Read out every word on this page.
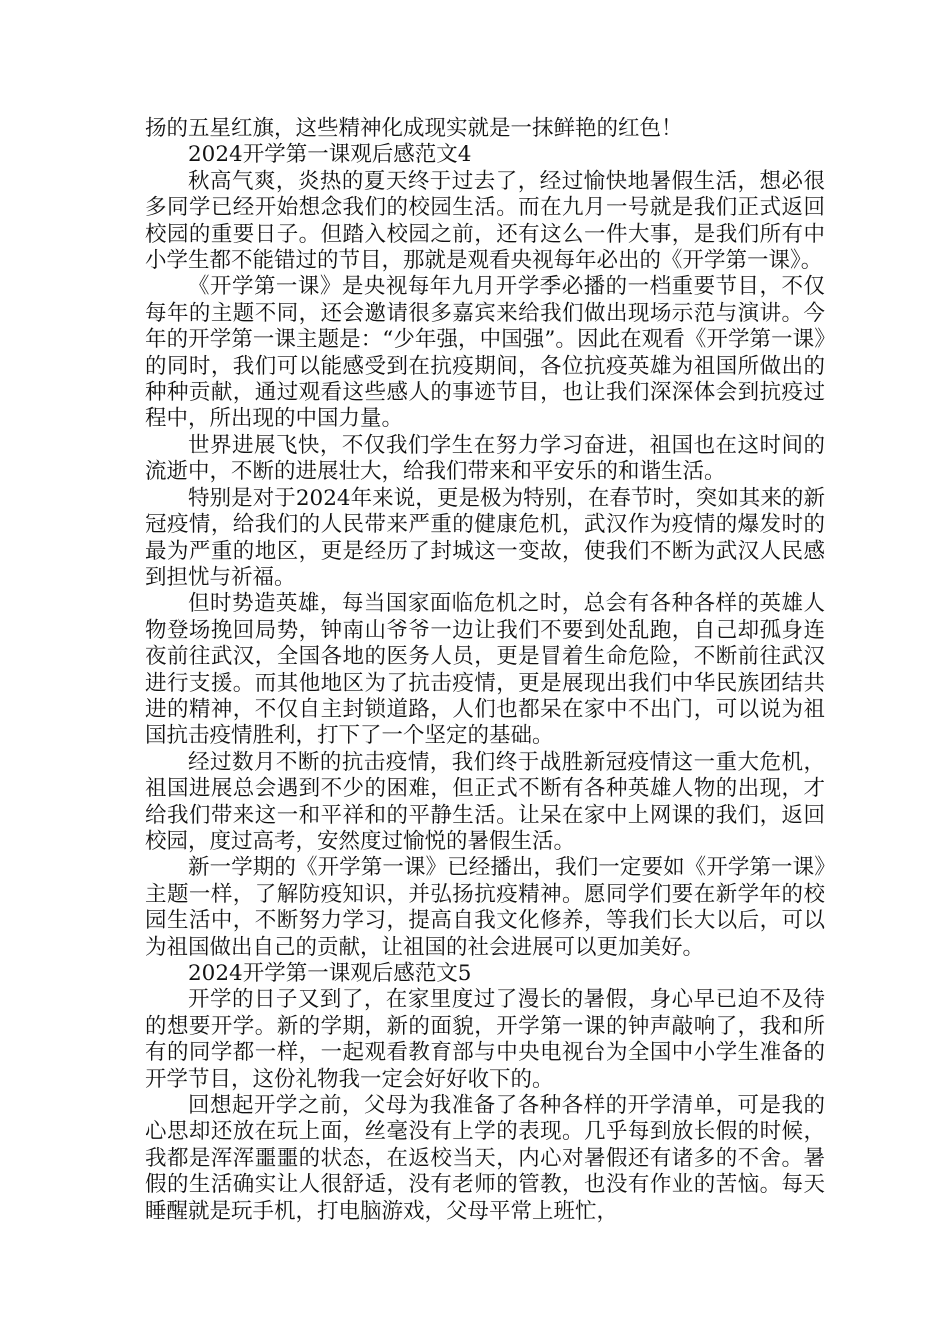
扬的五星红旗，这些精神化成现实就是一抹鲜艳的红色！

2024开学第一课观后感范文4

秋高气爽，炎热的夏天终于过去了，经过愉快地暑假生活，想必很多同学已经开始想念我们的校园生活。而在九月一号就是我们正式返回校园的重要日子。但踏入校园之前，还有这么一件大事，是我们所有中小学生都不能错过的节目，那就是观看央视每年必出的《开学第一课》。

《开学第一课》是央视每年九月开学季必播的一档重要节目，不仅每年的主题不同，还会邀请很多嘉宾来给我们做出现场示范与演讲。今年的开学第一课主题是：“少年强，中国强”。因此在观看《开学第一课》的同时，我们可以能感受到在抗疫期间，各位抗疫英雄为祖国所做出的种种贡献，通过观看这些感人的事迹节目，也让我们深深体会到抗疫过程中，所出现的中国力量。

世界进展飞快，不仅我们学生在努力学习奋进，祖国也在这时间的流逝中，不断的进展壮大，给我们带来和平安乐的和谐生活。

特别是对于2024年来说，更是极为特别，在春节时，突如其来的新冠疫情，给我们的人民带来严重的健康危机，武汉作为疫情的爆发时的最为严重的地区，更是经历了封城这一变故，使我们不断为武汉人民感到担忧与祈福。

但时势造英雄，每当国家面临危机之时，总会有各种各样的英雄人物登场挽回局势，钟南山爷爷一边让我们不要到处乱跑，自己却孤身连夜前往武汉，全国各地的医务人员，更是冒着生命危险，不断前往武汉进行支援。而其他地区为了抗击疫情，更是展现出我们中华民族团结共进的精神，不仅自主封锁道路，人们也都呆在家中不出门，可以说为祖国抗击疫情胜利，打下了一个坚定的基础。

经过数月不断的抗击疫情，我们终于战胜新冠疫情这一重大危机，祖国进展总会遇到不少的困难，但正式不断有各种英雄人物的出现，才给我们带来这一和平祥和的平静生活。让呆在家中上网课的我们，返回校园，度过高考，安然度过愉悦的暑假生活。

新一学期的《开学第一课》已经播出，我们一定要如《开学第一课》主题一样，了解防疫知识，并弘扬抗疫精神。愿同学们要在新学年的校园生活中，不断努力学习，提高自我文化修养，等我们长大以后，可以为祖国做出自己的贡献，让祖国的社会进展可以更加美好。

2024开学第一课观后感范文5

开学的日子又到了，在家里度过了漫长的暑假，身心早已迫不及待的想要开学。新的学期，新的面貌，开学第一课的钟声敲响了，我和所有的同学都一样，一起观看教育部与中央电视台为全国中小学生准备的开学节目，这份礼物我一定会好好收下的。

回想起开学之前，父母为我准备了各种各样的开学清单，可是我的心思却还放在玩上面，丝毫没有上学的表现。几乎每到放长假的时候，我都是浑浑噩噩的状态，在返校当天，内心对暑假还有诸多的不舍。暑假的生活确实让人很舒适，没有老师的管教，也没有作业的苦恼。每天睡醒就是玩手机，打电脑游戏，父母平常上班忙，
